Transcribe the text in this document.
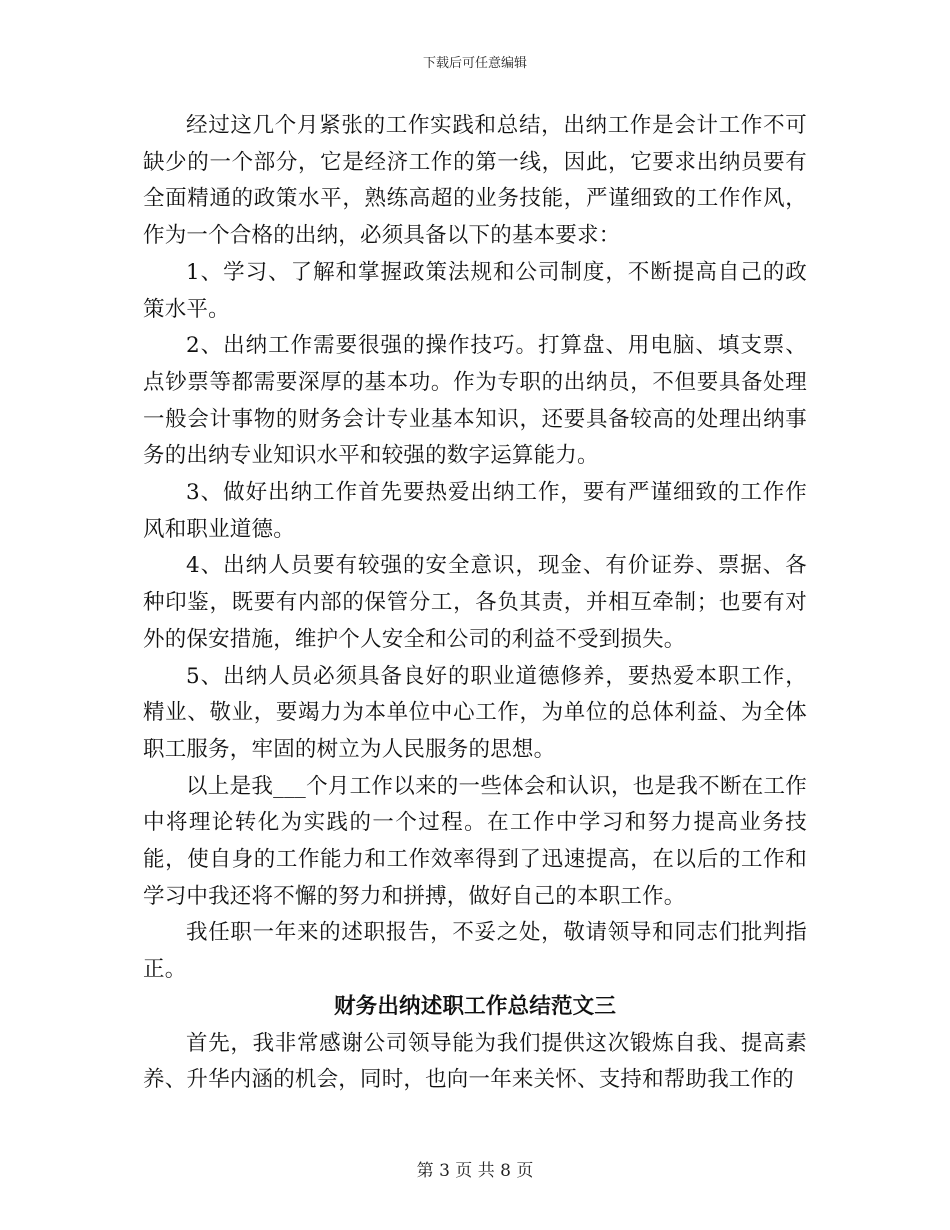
下载后可任意编辑

经过这几个月紧张的工作实践和总结，出纳工作是会计工作不可缺少的一个部分，它是经济工作的第一线，因此，它要求出纳员要有全面精通的政策水平，熟练高超的业务技能，严谨细致的工作作风，作为一个合格的出纳，必须具备以下的基本要求：

1、学习、了解和掌握政策法规和公司制度，不断提高自己的政策水平。

2、出纳工作需要很强的操作技巧。打算盘、用电脑、填支票、点钞票等都需要深厚的基本功。作为专职的出纳员，不但要具备处理一般会计事物的财务会计专业基本知识，还要具备较高的处理出纳事务的出纳专业知识水平和较强的数字运算能力。

3、做好出纳工作首先要热爱出纳工作，要有严谨细致的工作作风和职业道德。

4、出纳人员要有较强的安全意识，现金、有价证券、票据、各种印鉴，既要有内部的保管分工，各负其责，并相互牵制；也要有对外的保安措施，维护个人安全和公司的利益不受到损失。

5、出纳人员必须具备良好的职业道德修养，要热爱本职工作，精业、敬业，要竭力为本单位中心工作，为单位的总体利益、为全体职工服务，牢固的树立为人民服务的思想。

以上是我___个月工作以来的一些体会和认识，也是我不断在工作中将理论转化为实践的一个过程。在工作中学习和努力提高业务技能，使自身的工作能力和工作效率得到了迅速提高，在以后的工作和学习中我还将不懈的努力和拼搏，做好自己的本职工作。

我任职一年来的述职报告，不妥之处，敬请领导和同志们批判指正。

财务出纳述职工作总结范文三

首先，我非常感谢公司领导能为我们提供这次锻炼自我、提高素养、升华内涵的机会，同时，也向一年来关怀、支持和帮助我工作的

第 3 页 共 8 页
